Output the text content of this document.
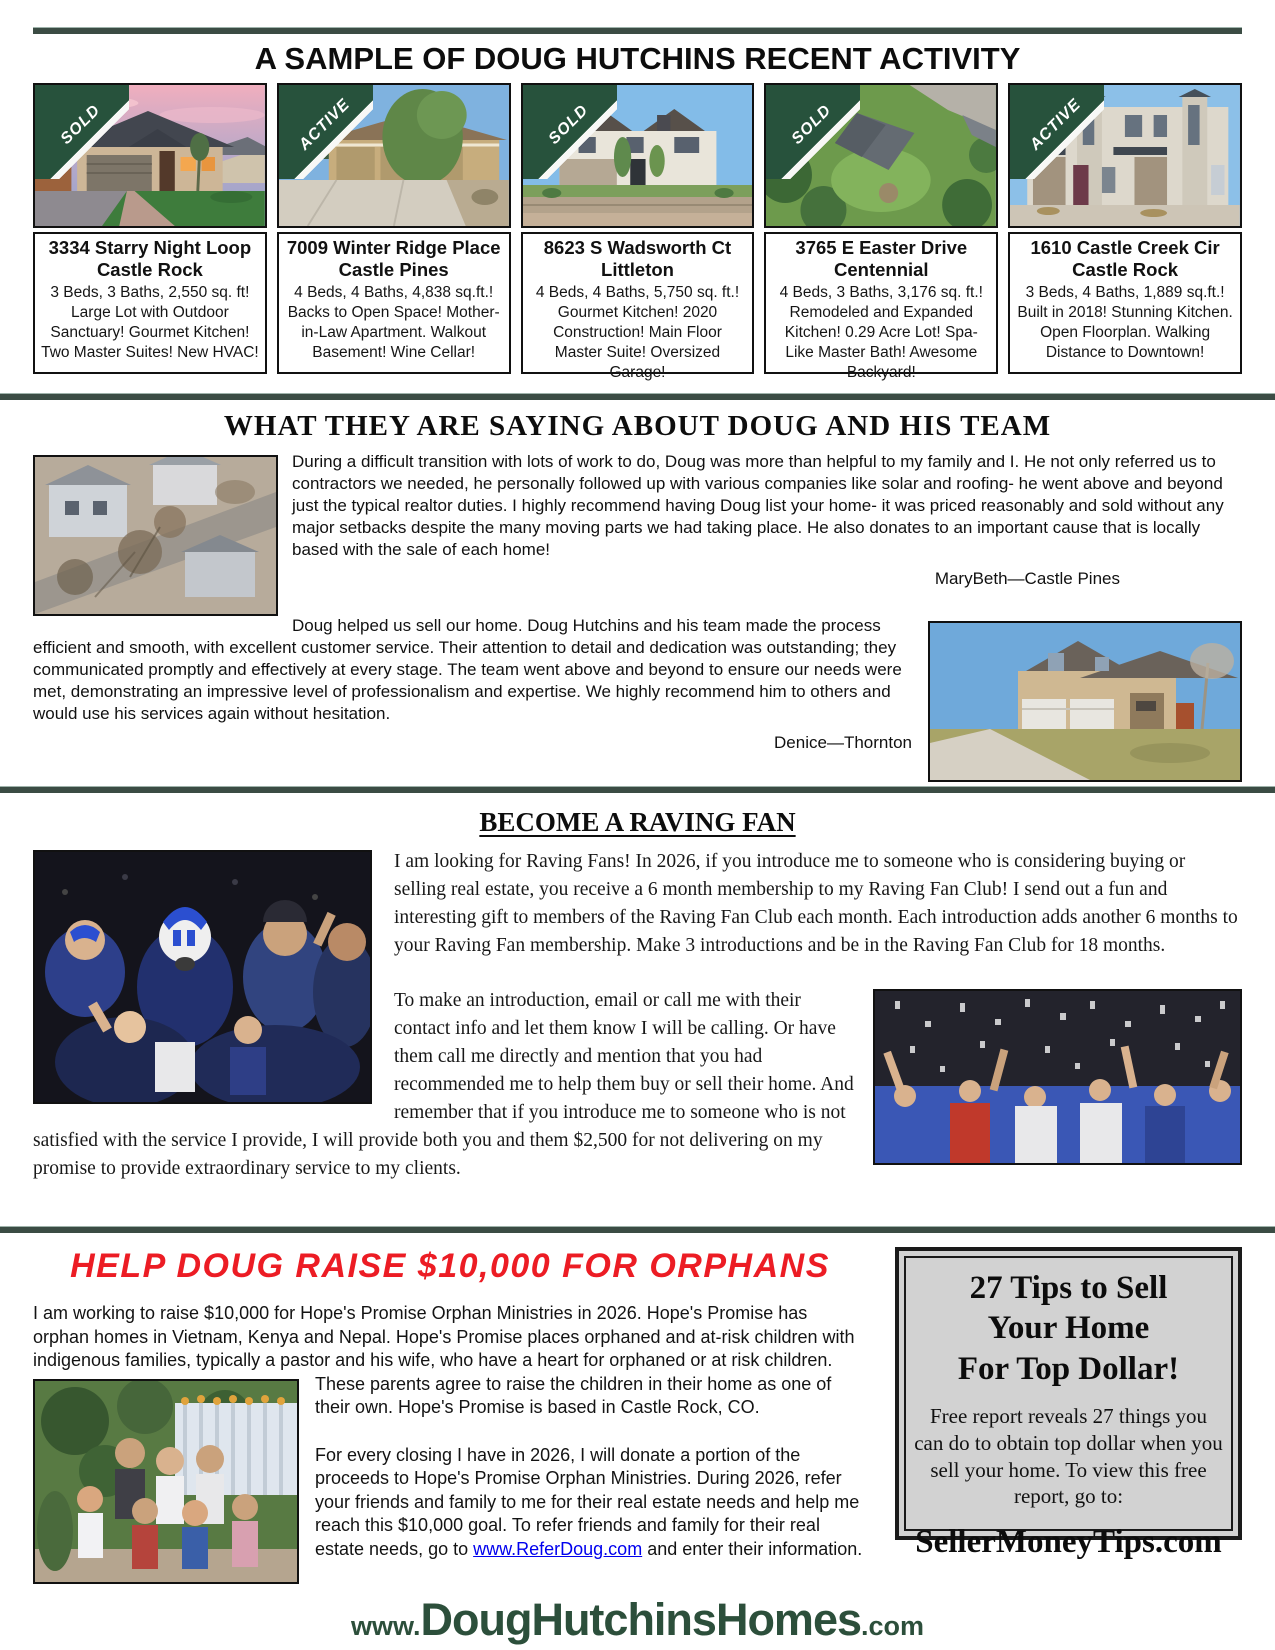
A SAMPLE OF DOUG HUTCHINS RECENT ACTIVITY
SOLD
3334 Starry Night Loop
Castle Rock
3 Beds, 3 Baths, 2,550 sq. ft! Large Lot with Outdoor Sanctuary! Gourmet Kitchen! Two Master Suites! New HVAC!
ACTIVE
7009 Winter Ridge Place
Castle Pines
4 Beds, 4 Baths, 4,838 sq.ft.! Backs to Open Space! Mother-in-Law Apartment. Walkout Basement! Wine Cellar!
SOLD
8623 S Wadsworth Ct
Littleton
4 Beds, 4 Baths, 5,750 sq. ft.! Gourmet Kitchen! 2020 Construction! Main Floor Master Suite! Oversized Garage!
SOLD
3765 E Easter Drive
Centennial
4 Beds, 3 Baths, 3,176 sq. ft.! Remodeled and Expanded Kitchen! 0.29 Acre Lot! Spa-Like Master Bath! Awesome Backyard!
ACTIVE
1610 Castle Creek Cir
Castle Rock
3 Beds, 4 Baths, 1,889 sq.ft.! Built in 2018! Stunning Kitchen. Open Floorplan. Walking Distance to Downtown!
WHAT THEY ARE SAYING ABOUT DOUG AND HIS TEAM
During a difficult transition with lots of work to do, Doug was more than helpful to my family and I. He not only referred us to contractors we needed, he personally followed up with various companies like solar and roofing- he went above and beyond just the typical realtor duties. I highly recommend having Doug list your home- it was priced reasonably and sold without any major setbacks despite the many moving parts we had taking place. He also donates to an important cause that is locally based with the sale of each home!
MaryBeth—Castle Pines
Doug helped us sell our home. Doug Hutchins and his team made the process efficient and smooth, with excellent customer service. Their attention to detail and dedication was outstanding; they communicated promptly and effectively at every stage. The team went above and beyond to ensure our needs were met, demonstrating an impressive level of professionalism and expertise. We highly recommend him to others and would use his services again without hesitation.
Denice—Thornton
BECOME A RAVING FAN

I am looking for Raving Fans! In 2026, if you introduce me to someone who is considering buying or selling real estate, you receive a 6 month membership to my Raving Fan Club! I send out a fun and interesting gift to members of the Raving Fan Club each month. Each introduction adds another 6 months to your Raving Fan membership. Make 3 introductions and be in the Raving Fan Club for 18 months.

To make an introduction, email or call me with their contact info and let them know I will be calling. Or have them call me directly and mention that you had recommended me to help them buy or sell their home. And remember that if you introduce me to someone who is not satisfied with the service I provide, I will provide both you and them $2,500 for not delivering on my promise to provide extraordinary service to my clients.

HELP DOUG RAISE $10,000 FOR ORPHANS

I am working to raise $10,000 for Hope's Promise Orphan Ministries in 2026. Hope's Promise has orphan homes in Vietnam, Kenya and Nepal. Hope's Promise places orphaned and at-risk children with indigenous families, typically a pastor and his wife, who have a heart for orphaned or at risk
children. These parents agree to raise the children in their home as one of their own. Hope's Promise is based in Castle Rock, CO.

For every closing I have in 2026, I will donate a portion of the proceeds to Hope's Promise Orphan Ministries. During 2026, refer your friends and family to me for their real estate needs and help me reach this $10,000 goal. To refer friends and family for their real estate needs, go to www.ReferDoug.com and enter their information.

27 Tips to Sell
Your Home
For Top Dollar!
Free report reveals 27 things you can do to obtain top dollar when you sell your home. To view this free report, go to:
SellerMoneyTips.com
www. DougHutchinsHomes .com
